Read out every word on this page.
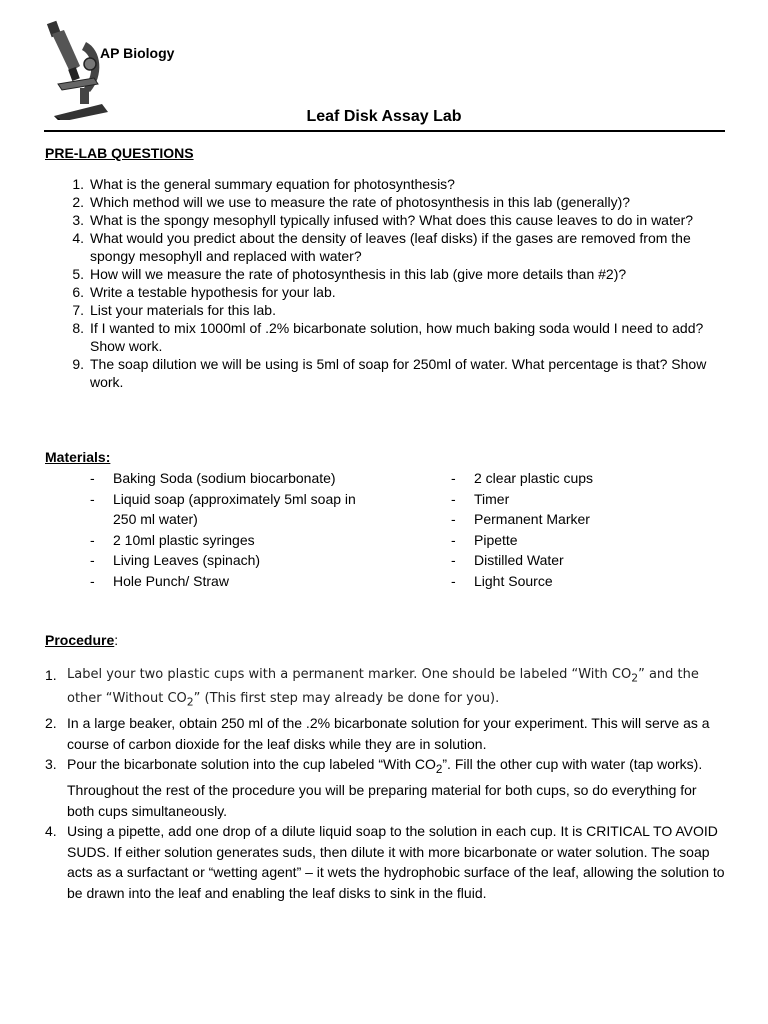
AP Biology
Leaf Disk Assay Lab
PRE-LAB QUESTIONS
1. What is the general summary equation for photosynthesis?
2. Which method will we use to measure the rate of photosynthesis in this lab (generally)?
3. What is the spongy mesophyll typically infused with? What does this cause leaves to do in water?
4. What would you predict about the density of leaves (leaf disks) if the gases are removed from the spongy mesophyll and replaced with water?
5. How will we measure the rate of photosynthesis in this lab (give more details than #2)?
6. Write a testable hypothesis for your lab.
7. List your materials for this lab.
8. If I wanted to mix 1000ml of .2% bicarbonate solution, how much baking soda would I need to add? Show work.
9. The soap dilution we will be using is 5ml of soap for 250ml of water. What percentage is that? Show work.
Materials:
-	Baking Soda (sodium biocarbonate)
-	Liquid soap (approximately 5ml soap in 250 ml water)
-	2 10ml plastic syringes
-	Living Leaves (spinach)
-	Hole Punch/ Straw
-	2 clear plastic cups
-	Timer
-	Permanent Marker
-	Pipette
-	Distilled Water
-	Light Source
Procedure:
1. Label your two plastic cups with a permanent marker. One should be labeled “With $CO_2$” and the other “Without $CO_2$” (This first step may already be done for you).
2. In a large beaker, obtain 250 ml of the .2% bicarbonate solution for your experiment. This will serve as a course of carbon dioxide for the leaf disks while they are in solution.
3. Pour the bicarbonate solution into the cup labeled “With $CO_2$”. Fill the other cup with water (tap works). Throughout the rest of the procedure you will be preparing material for both cups, so do everything for both cups simultaneously.
4. Using a pipette, add one drop of a dilute liquid soap to the solution in each cup. It is CRITICAL TO AVOID SUDS. If either solution generates suds, then dilute it with more bicarbonate or water solution. The soap acts as a surfactant or “wetting agent” – it wets the hydrophobic surface of the leaf, allowing the solution to be drawn into the leaf and enabling the leaf disks to sink in the fluid.
